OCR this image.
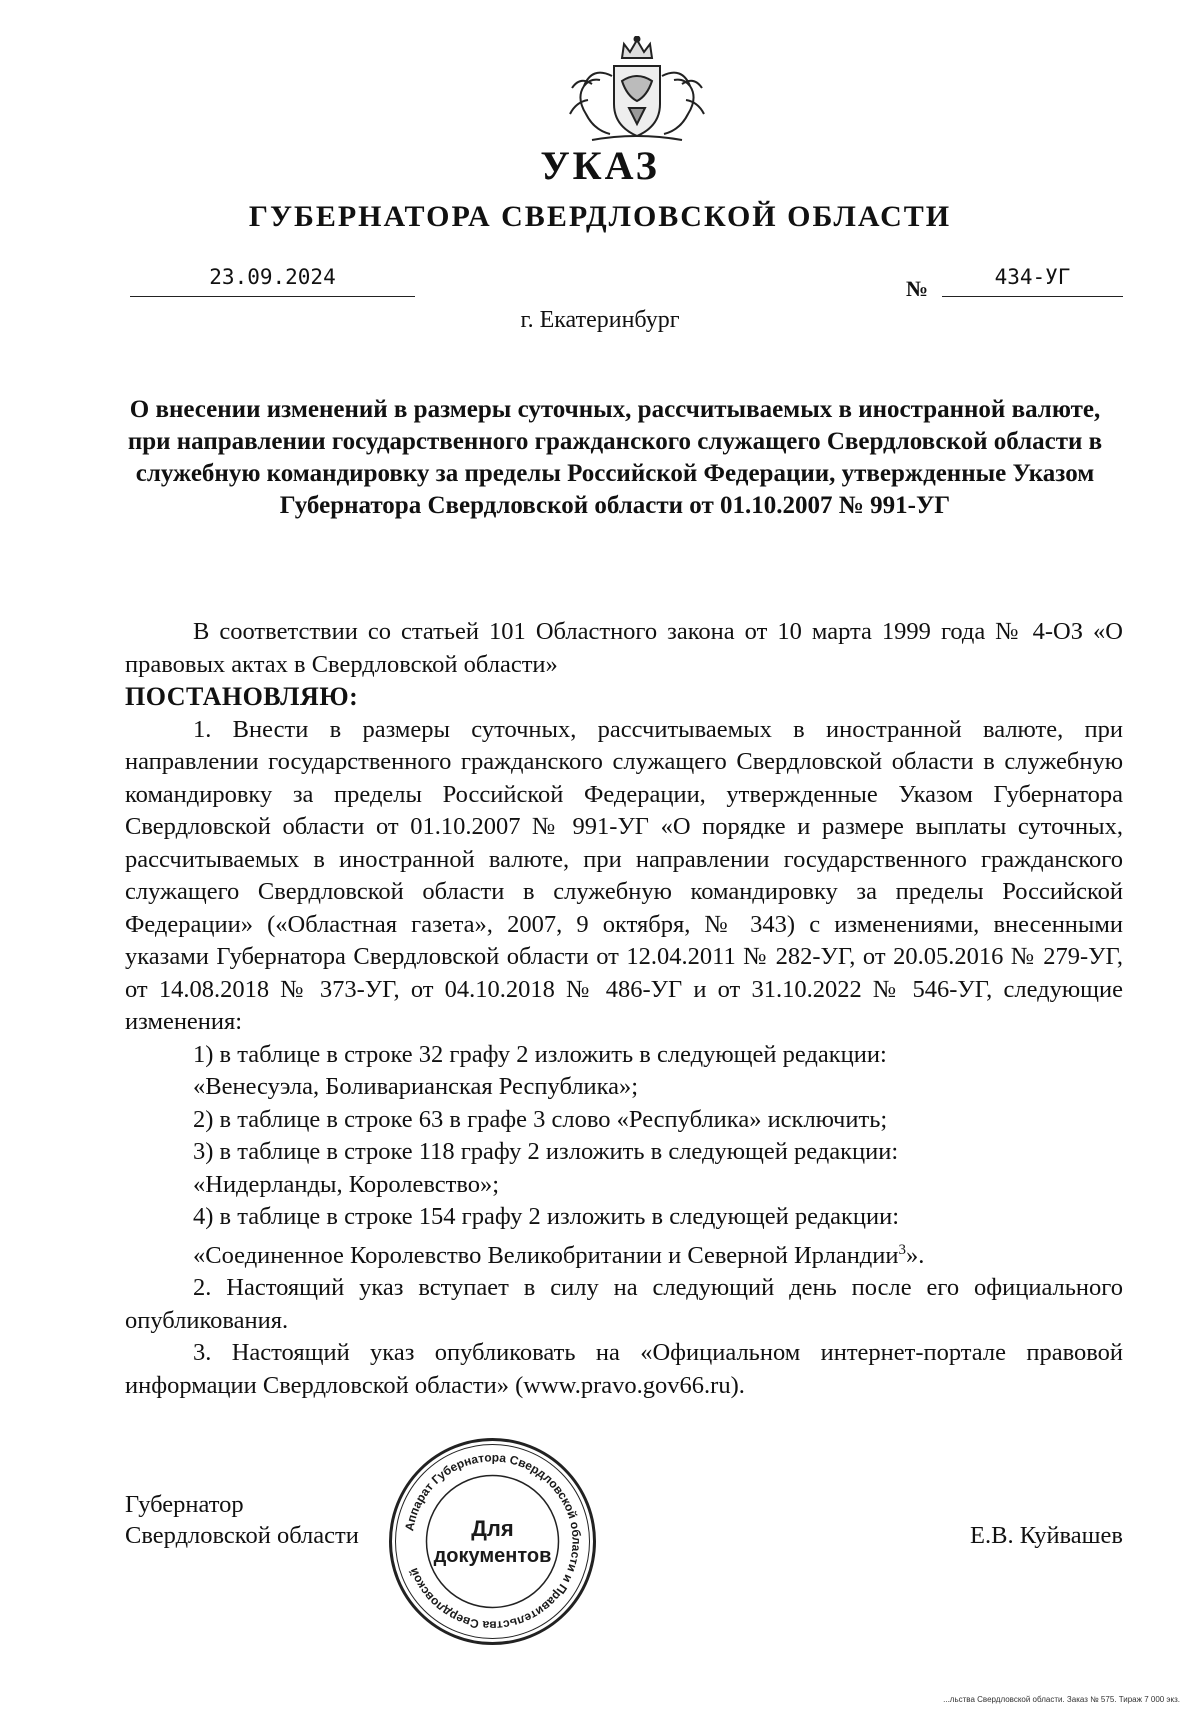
УКАЗ
ГУБЕРНАТОРА СВЕРДЛОВСКОЙ ОБЛАСТИ
23.09.2024	№	434-УГ
г. Екатеринбург
О внесении изменений в размеры суточных, рассчитываемых в иностранной валюте, при направлении государственного гражданского служащего Свердловской области в служебную командировку за пределы Российской Федерации, утвержденные Указом Губернатора Свердловской области от 01.10.2007 № 991-УГ

В соответствии со статьей 101 Областного закона от 10 марта 1999 года № 4-ОЗ «О правовых актах в Свердловской области»

ПОСТАНОВЛЯЮ:

1. Внести в размеры суточных, рассчитываемых в иностранной валюте, при направлении государственного гражданского служащего Свердловской области в служебную командировку за пределы Российской Федерации, утвержденные Указом Губернатора Свердловской области от 01.10.2007 № 991-УГ «О порядке и размере выплаты суточных, рассчитываемых в иностранной валюте, при направлении государственного гражданского служащего Свердловской области в служебную командировку за пределы Российской Федерации» («Областная газета», 2007, 9 октября, № 343) с изменениями, внесенными указами Губернатора Свердловской области от 12.04.2011 № 282-УГ, от 20.05.2016 № 279-УГ, от 14.08.2018 № 373-УГ, от 04.10.2018 № 486-УГ и от 31.10.2022 № 546-УГ, следующие изменения:

1) в таблице в строке 32 графу 2 изложить в следующей редакции:

«Венесуэла, Боливарианская Республика»;

2) в таблице в строке 63 в графе 3 слово «Республика» исключить;

3) в таблице в строке 118 графу 2 изложить в следующей редакции:

«Нидерланды, Королевство»;

4) в таблице в строке 154 графу 2 изложить в следующей редакции:

«Соединенное Королевство Великобритании и Северной Ирландии$^3$».

2. Настоящий указ вступает в силу на следующий день после его официального опубликования.

3. Настоящий указ опубликовать на «Официальном интернет-портале правовой информации Свердловской области» (www.pravo.gov66.ru).

Губернатор
Свердловской области	Е.В. Куйвашев
Аппарат Губернатора Свердловской области и Правительства Свердловской
Для
документов
...льства Свердловской области. Заказ № 575. Тираж 7 000 экз.
